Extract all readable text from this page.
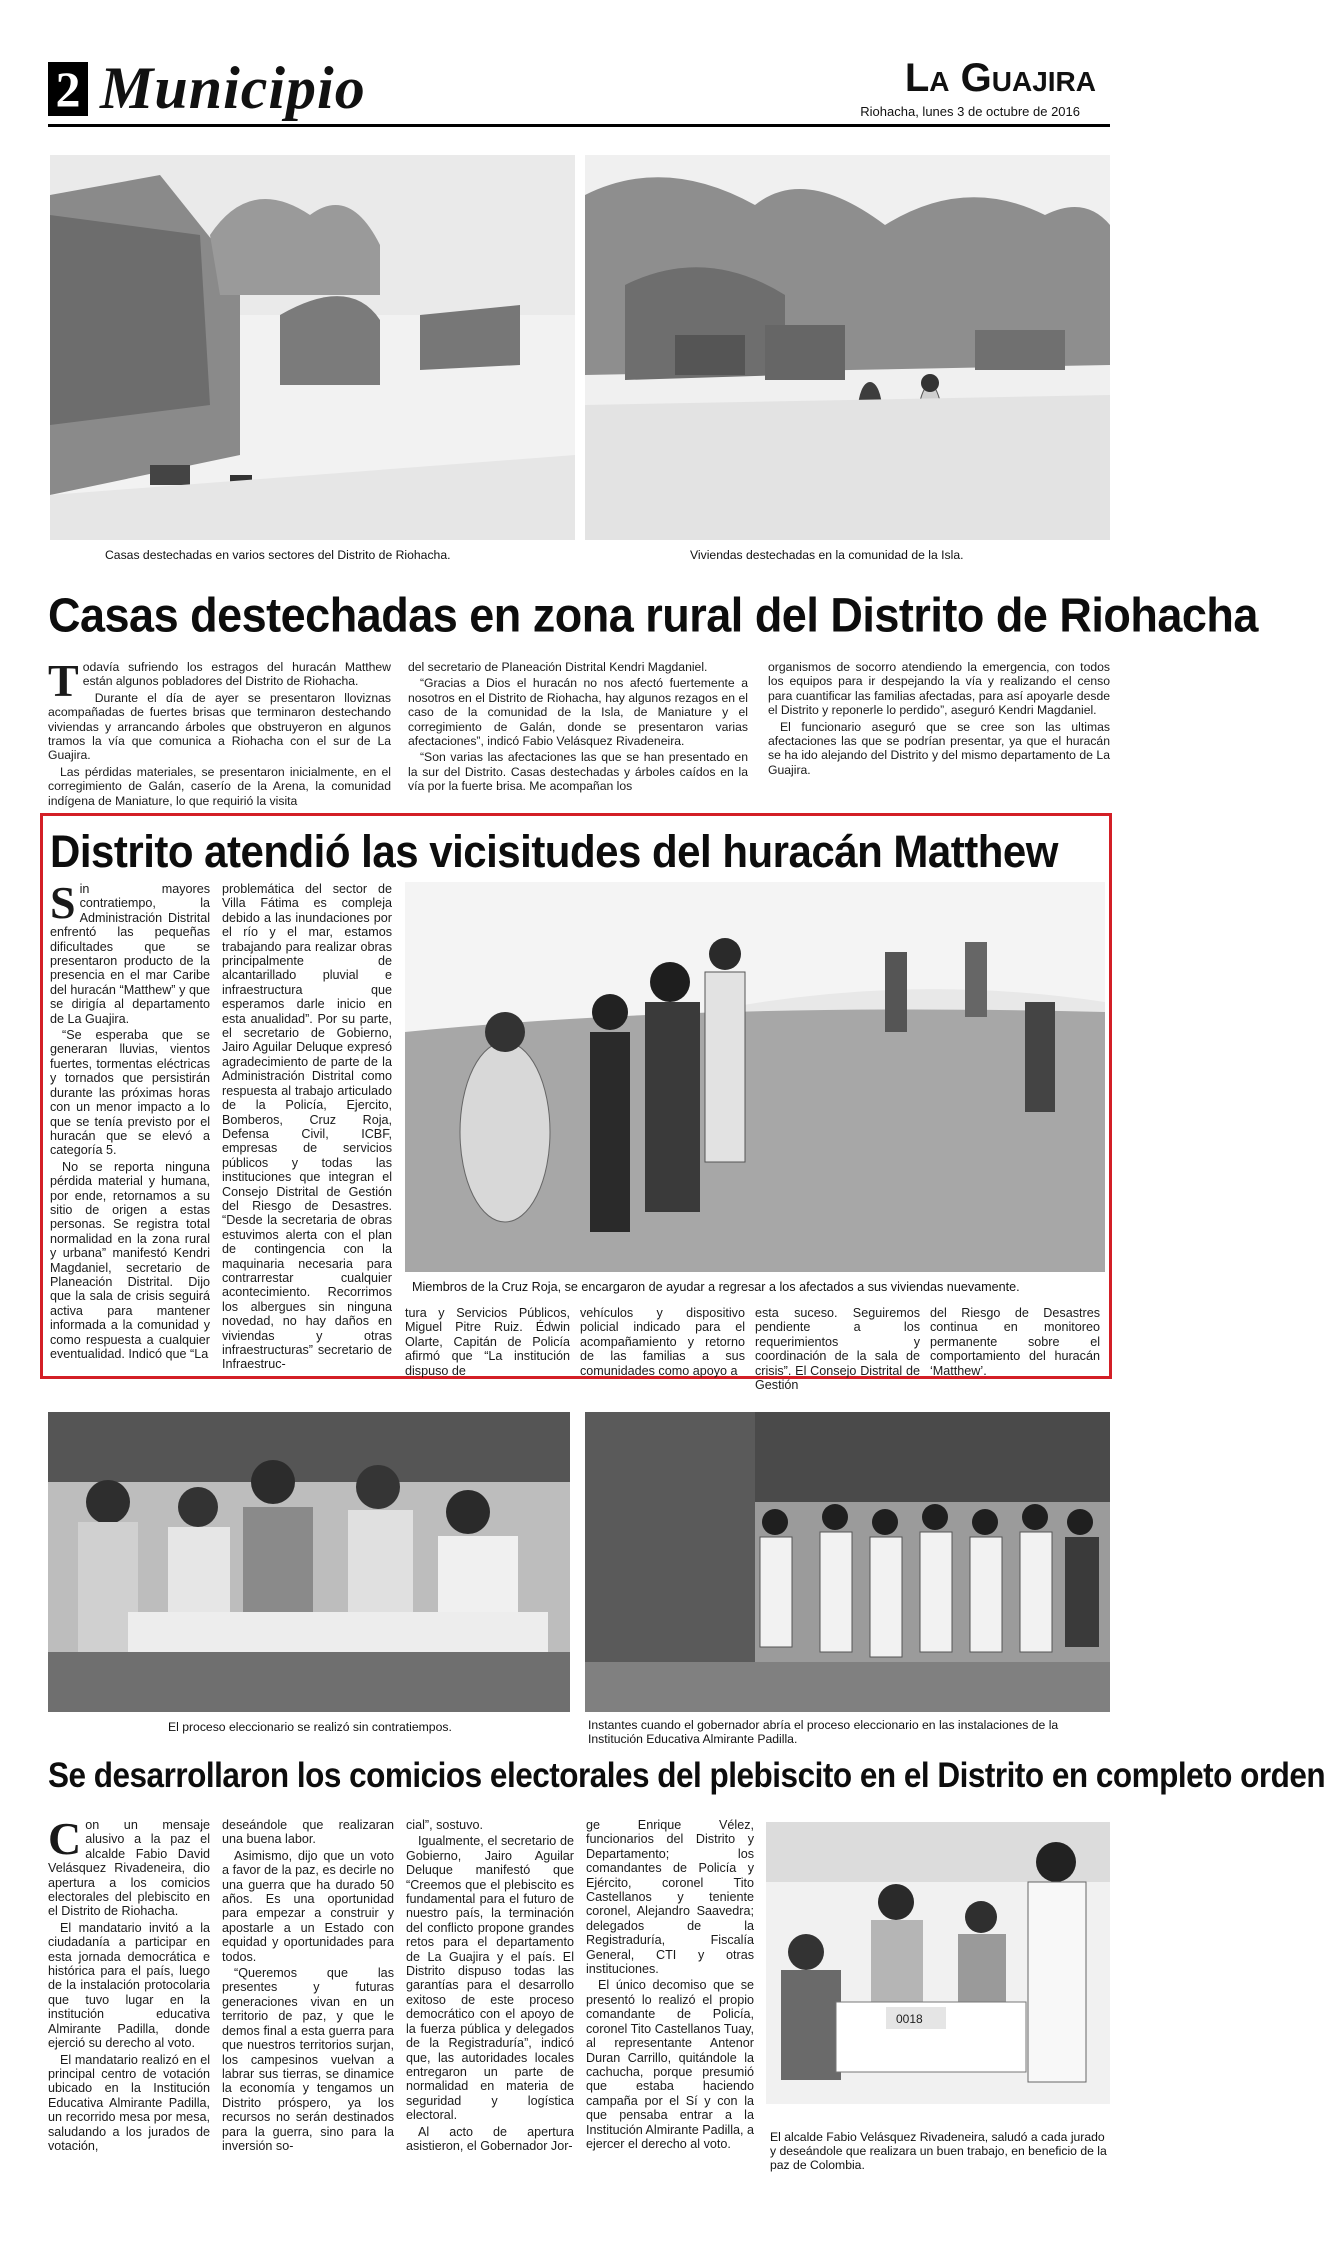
2 Municipio	La Guajira
Riohacha, lunes 3 de octubre de 2016
Casas destechadas en varios sectores del Distrito de Riohacha.	Viviendas destechadas en la comunidad de la Isla.
Casas destechadas en zona rural del Distrito de Riohacha
T odavía sufriendo los estragos del huracán Matthew están algunos pobladores del Distrito de Riohacha.

Durante el día de ayer se presentaron lloviznas acompañadas de fuertes brisas que terminaron destechando viviendas y arrancando árboles que obstruyeron en algunos tramos la vía que comunica a Riohacha con el sur de La Guajira.

Las pérdidas materiales, se presentaron inicialmente, en el corregimiento de Galán, caserío de la Arena, la comunidad indígena de Maniature, lo que requirió la visita

del secretario de Planeación Distrital Kendri Magdaniel.

“Gracias a Dios el huracán no nos afectó fuertemente a nosotros en el Distrito de Riohacha, hay algunos rezagos en el caso de la comunidad de la Isla, de Maniature y el corregimiento de Galán, donde se presentaron varias afectaciones”, indicó Fabio Velásquez Rivadeneira.

“Son varias las afectaciones las que se han presentado en la sur del Distrito. Casas destechadas y árboles caídos en la vía por la fuerte brisa. Me acompañan los

organismos de socorro atendiendo la emergencia, con todos los equipos para ir despejando la vía y realizando el censo para cuantificar las familias afectadas, para así apoyarle desde el Distrito y reponerle lo perdido”, aseguró Kendri Magdaniel.

El funcionario aseguró que se cree son las ultimas afectaciones las que se podrían presentar, ya que el huracán se ha ido alejando del Distrito y del mismo departamento de La Guajira.

Distrito atendió las vicisitudes del huracán Matthew
S in mayores contratiempo, la Administración Distrital enfrentó las pequeñas dificultades que se presentaron producto de la presencia en el mar Caribe del huracán “Matthew” y que se dirigía al departamento de La Guajira.

“Se esperaba que se generaran lluvias, vientos fuertes, tormentas eléctricas y tornados que persistirán durante las próximas horas con un menor impacto a lo que se tenía previsto por el huracán que se elevó a categoría 5.

No se reporta ninguna pérdida material y humana, por ende, retornamos a su sitio de origen a estas personas. Se registra total normalidad en la zona rural y urbana” manifestó Kendri Magdaniel, secretario de Planeación Distrital. Dijo que la sala de crisis seguirá activa para mantener informada a la comunidad y como respuesta a cualquier eventualidad. Indicó que “La

problemática del sector de Villa Fátima es compleja debido a las inundaciones por el río y el mar, estamos trabajando para realizar obras principalmente de alcantarillado pluvial e infraestructura que esperamos darle inicio en esta anualidad”. Por su parte, el secretario de Gobierno, Jairo Aguilar Deluque expresó agradecimiento de parte de la Administración Distrital como respuesta al trabajo articulado de la Policía, Ejercito, Bomberos, Cruz Roja, Defensa Civil, ICBF, empresas de servicios públicos y todas las instituciones que integran el Consejo Distrital de Gestión del Riesgo de Desastres. “Desde la secretaria de obras estuvimos alerta con el plan de contingencia con la maquinaria necesaria para contrarrestar cualquier acontecimiento. Recorrimos los albergues sin ninguna novedad, no hay daños en viviendas y otras infraestructuras” secretario de Infraestruc-

Miembros de la Cruz Roja, se encargaron de ayudar a regresar a los afectados a sus viviendas nuevamente.
tura y Servicios Públicos, Miguel Pitre Ruiz. Édwin Olarte, Capitán de Policía afirmó que “La institución dispuso de
vehículos y dispositivo policial indicado para el acompañamiento y retorno de las familias a sus comunidades como apoyo a
esta suceso. Seguiremos pendiente a los requerimientos y coordinación de la sala de crisis”. El Consejo Distrital de Gestión
del Riesgo de Desastres continua en monitoreo permanente sobre el comportamiento del huracán ‘Matthew’.
El proceso eleccionario se realizó sin contratiempos.	Instantes cuando el gobernador abría el proceso eleccionario en las instalaciones de la Institución Educativa Almirante Padilla.
Se desarrollaron los comicios electorales del plebiscito en el Distrito en completo orden
C on un mensaje alusivo a la paz el alcalde Fabio David Velásquez Rivadeneira, dio apertura a los comicios electorales del plebiscito en el Distrito de Riohacha.

El mandatario invitó a la ciudadanía a participar en esta jornada democrática e histórica para el país, luego de la instalación protocolaria que tuvo lugar en la institución educativa Almirante Padilla, donde ejerció su derecho al voto.

El mandatario realizó en el principal centro de votación ubicado en la Institución Educativa Almirante Padilla, un recorrido mesa por mesa, saludando a los jurados de votación,

deseándole que realizaran una buena labor.

Asimismo, dijo que un voto a favor de la paz, es decirle no una guerra que ha durado 50 años. Es una oportunidad para empezar a construir y apostarle a un Estado con equidad y oportunidades para todos.

“Queremos que las presentes y futuras generaciones vivan en un territorio de paz, y que le demos final a esta guerra para que nuestros territorios surjan, los campesinos vuelvan a labrar sus tierras, se dinamice la economía y tengamos un Distrito próspero, ya los recursos no serán destinados para la guerra, sino para la inversión so-

cial”, sostuvo.

Igualmente, el secretario de Gobierno, Jairo Aguilar Deluque manifestó que “Creemos que el plebiscito es fundamental para el futuro de nuestro país, la terminación del conflicto propone grandes retos para el departamento de La Guajira y el país. El Distrito dispuso todas las garantías para el desarrollo exitoso de este proceso democrático con el apoyo de la fuerza pública y delegados de la Registraduría”, indicó que, las autoridades locales entregaron un parte de normalidad en materia de seguridad y logística electoral.

Al acto de apertura asistieron, el Gobernador Jor-

ge Enrique Vélez, funcionarios del Distrito y Departamento; los comandantes de Policía y Ejército, coronel Tito Castellanos y teniente coronel, Alejandro Saavedra; delegados de la Registraduría, Fiscalía General, CTI y otras instituciones.

El único decomiso que se presentó lo realizó el propio comandante de Policía, coronel Tito Castellanos Tuay, al representante Antenor Duran Carrillo, quitándole la cachucha, porque presumió que estaba haciendo campaña por el Sí y con la que pensaba entrar a la Institución Almirante Padilla, a ejercer el derecho al voto.

0018
El alcalde Fabio Velásquez Rivadeneira, saludó a cada jurado y deseándole que realizara un buen trabajo, en beneficio de la paz de Colombia.
